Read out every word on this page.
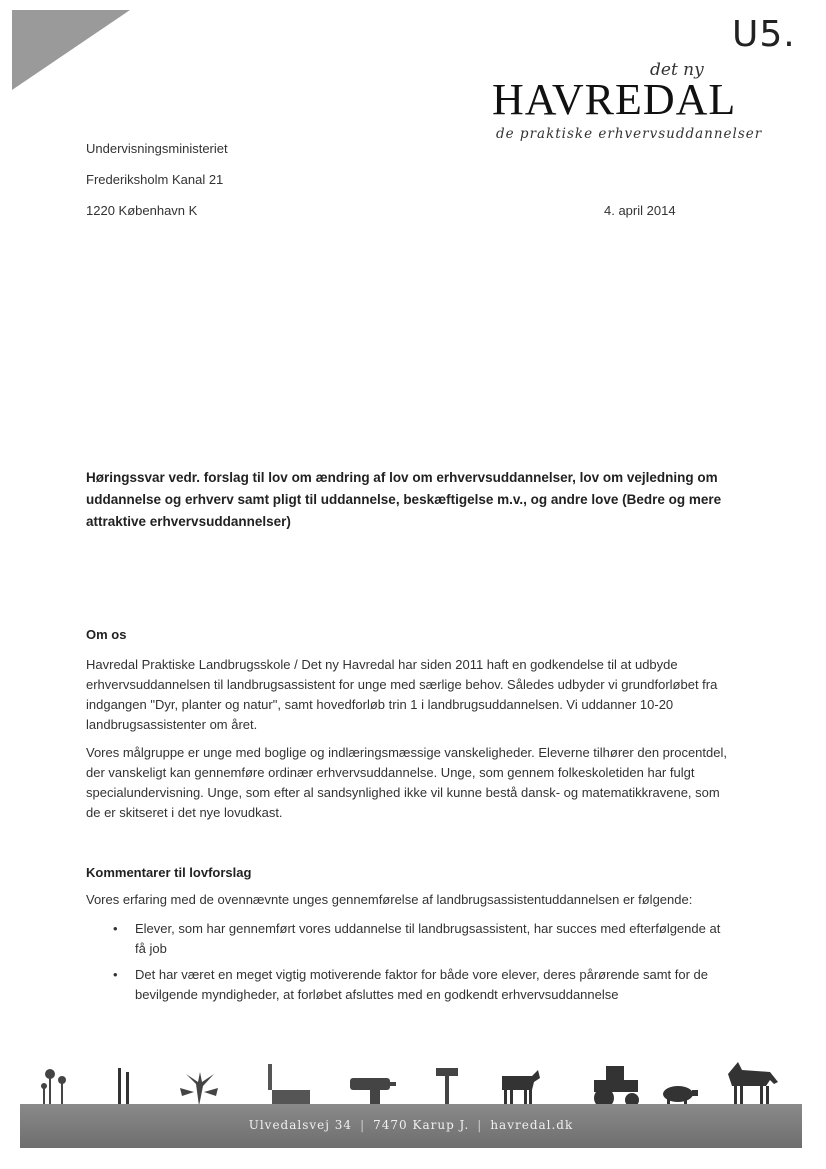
U5.
det ny
HAVREDAL
de praktiske erhvervsuddannelser
Undervisningsministeriet
Frederiksholm Kanal 21
1220 København K	4. april 2014
Høringssvar vedr. forslag til lov om ændring af lov om erhvervsuddannelser, lov om vejledning om uddannelse og erhverv samt pligt til uddannelse, beskæftigelse m.v., og andre love (Bedre og mere attraktive erhvervsuddannelser)
Om os
Havredal Praktiske Landbrugsskole / Det ny Havredal har siden 2011 haft en godkendelse til at udbyde erhvervsuddannelsen til landbrugsassistent for unge med særlige behov. Således udbyder vi grundforløbet fra indgangen "Dyr, planter og natur", samt hovedforløb trin 1 i landbrugsuddannelsen. Vi uddanner 10-20 landbrugsassistenter om året.
Vores målgruppe er unge med boglige og indlæringsmæssige vanskeligheder. Eleverne tilhører den procentdel, der vanskeligt kan gennemføre ordinær erhvervsuddannelse. Unge, som gennem folkeskoletiden har fulgt specialundervisning. Unge, som efter al sandsynlighed ikke vil kunne bestå dansk- og matematikkravene, som de er skitseret i det nye lovudkast.
Kommentarer til lovforslag
Vores erfaring med de ovennævnte unges gennemførelse af landbrugsassistentuddannelsen er følgende:
• Elever, som har gennemført vores uddannelse til landbrugsassistent, har succes med efterfølgende at få job
• Det har været en meget vigtig motiverende faktor for både vore elever, deres pårørende samt for de bevilgende myndigheder, at forløbet afsluttes med en godkendt erhvervsuddannelse
Ulvedalsvej 34 | 7470 Karup J. | havredal.dk
